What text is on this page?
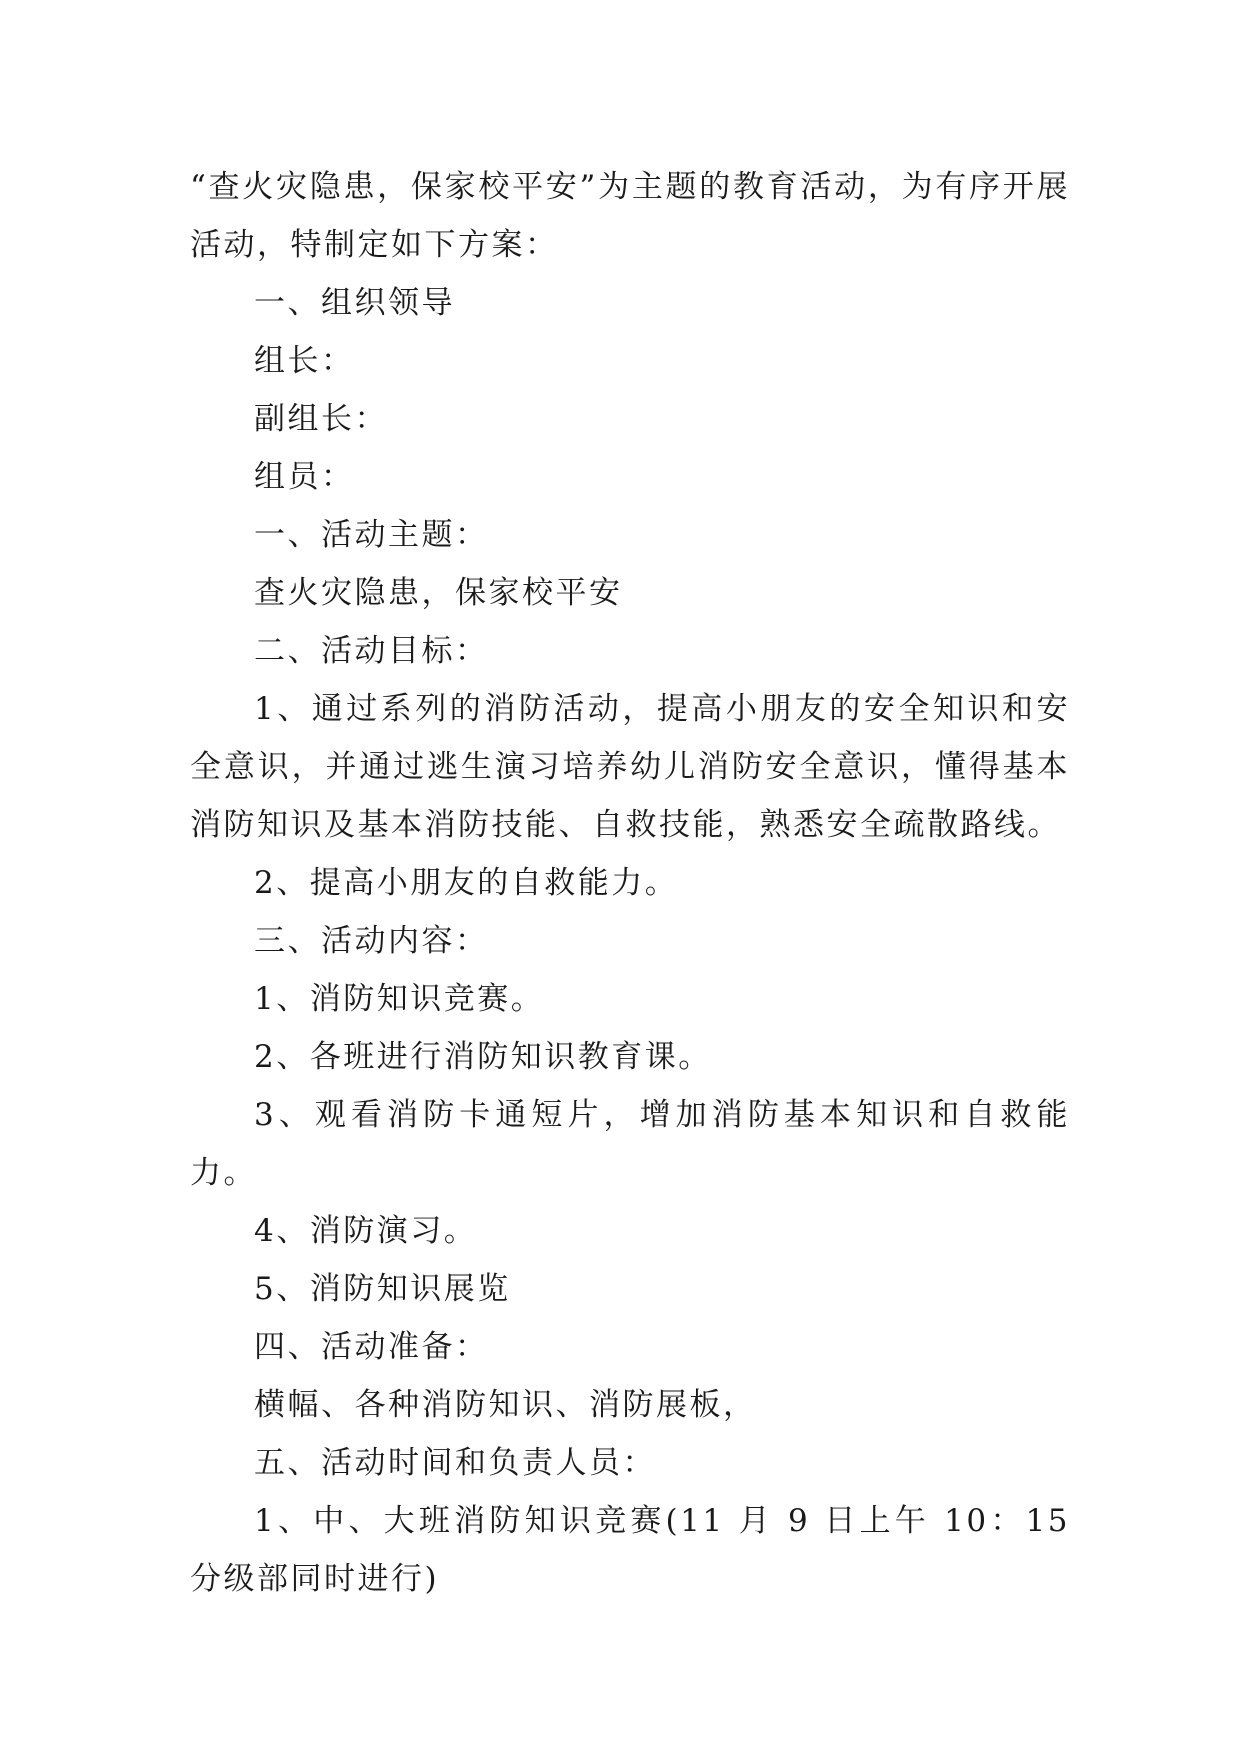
“查火灾隐患，保家校平安”为主题的教育活动，为有序开展活动，特制定如下方案：

一、组织领导

组长：

副组长：

组员：

一、活动主题：

查火灾隐患，保家校平安

二、活动目标：

1、通过系列的消防活动，提高小朋友的安全知识和安全意识，并通过逃生演习培养幼儿消防安全意识，懂得基本消防知识及基本消防技能、自救技能，熟悉安全疏散路线。

2、提高小朋友的自救能力。

三、活动内容：

1、消防知识竞赛。

2、各班进行消防知识教育课。

3、观看消防卡通短片，增加消防基本知识和自救能力。

4、消防演习。

5、消防知识展览

四、活动准备：

横幅、各种消防知识、消防展板，

五、活动时间和负责人员：

1、中、大班消防知识竞赛(11 月 9 日上午 10：15 分级部同时进行)
